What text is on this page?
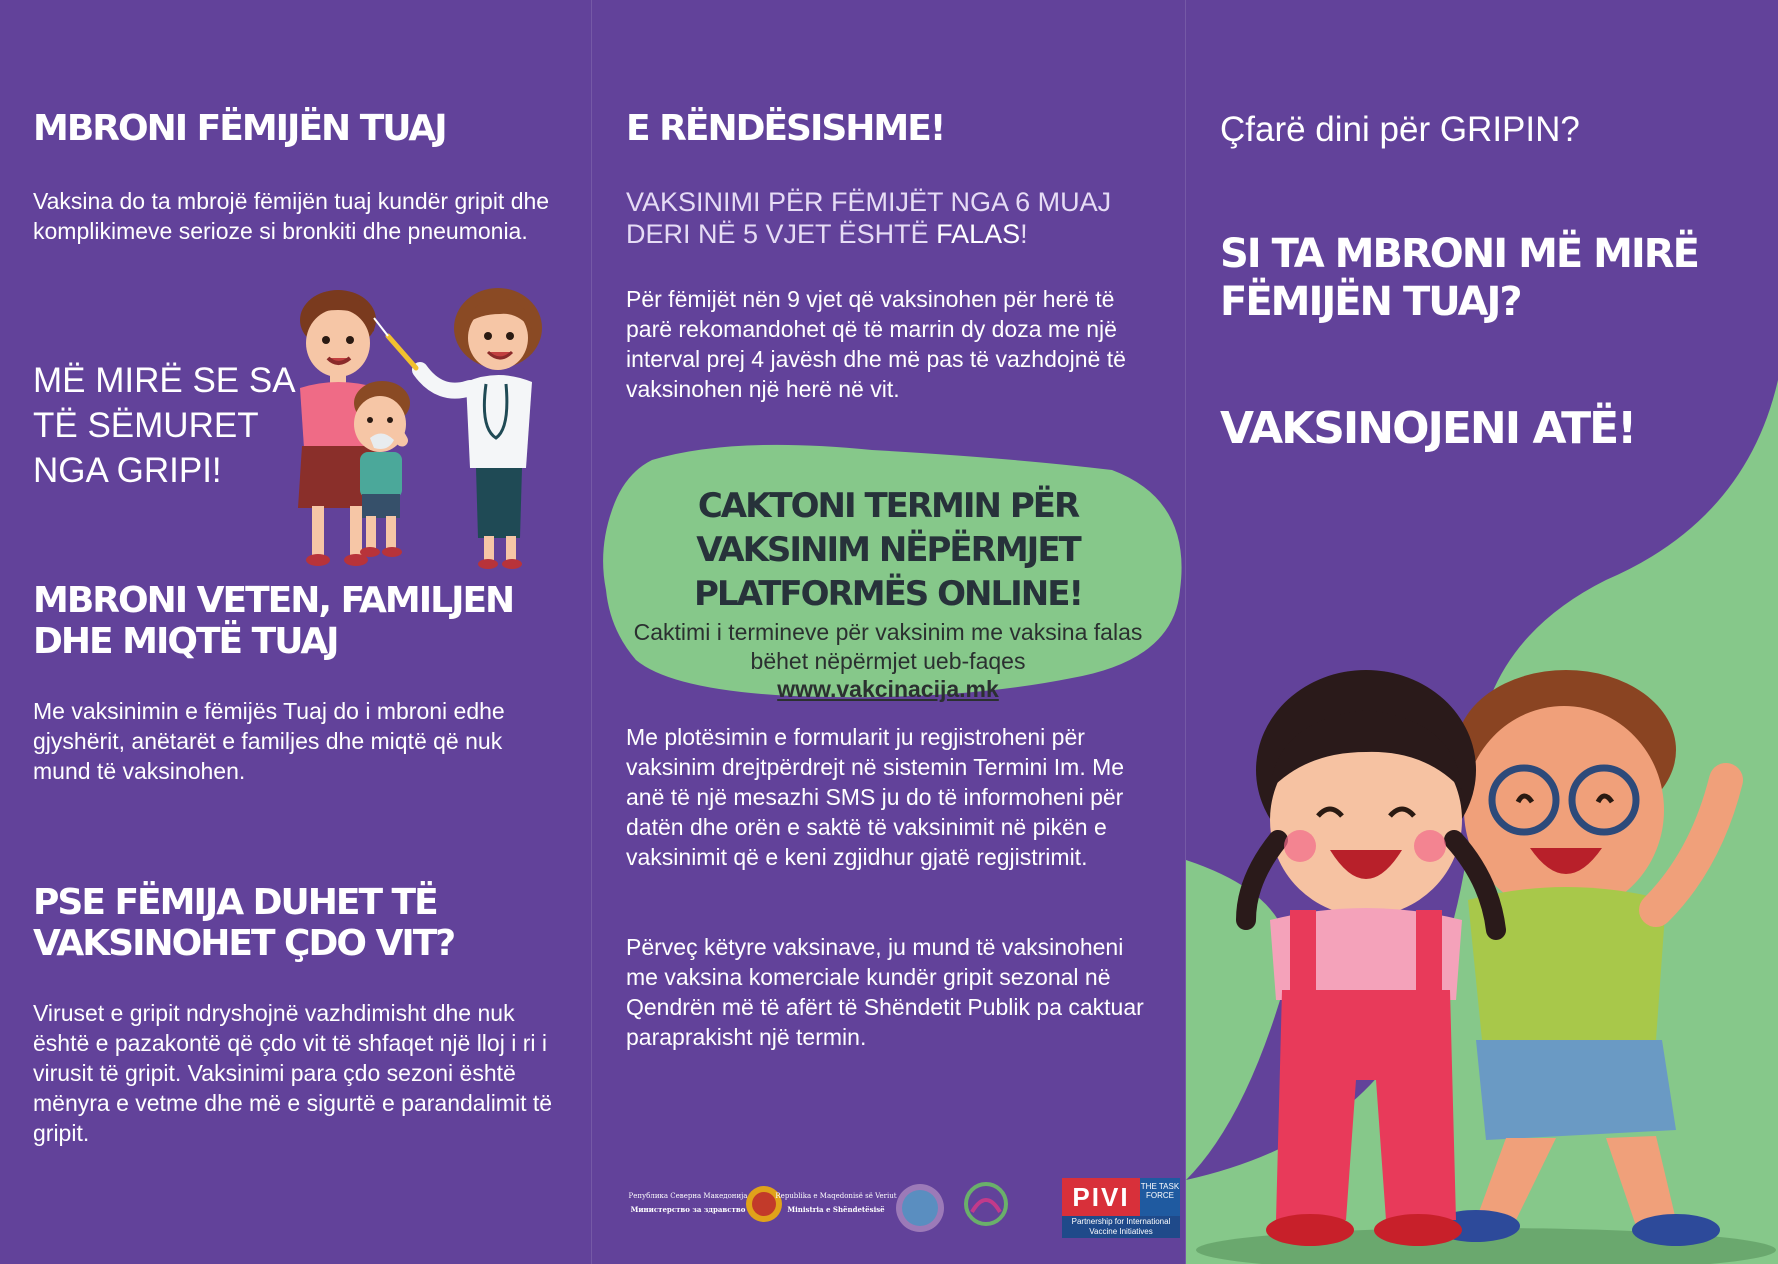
MBRONI FËMIJËN TUAJ

Vaksina do ta mbrojë fëmijën tuaj kundër gripit dhe komplikimeve serioze si bronkiti dhe pneumonia.

MË MIRË SE SA TË SËMURET NGA GRIPI!

MBRONI VETEN, FAMILJEN DHE MIQTË TUAJ

Me vaksinimin e fëmijës Tuaj do i mbroni edhe gjyshërit, anëtarët e familjes dhe miqtë që nuk mund të vaksinohen.

PSE FËMIJA DUHET TË VAKSINOHET ÇDO VIT?

Viruset e gripit ndryshojnë vazhdimisht dhe nuk është e pazakontë që çdo vit të shfaqet një lloj i ri i virusit të gripit. Vaksinimi para çdo sezoni është mënyra e vetme dhe më e sigurtë e parandalimit të gripit.

E RËNDËSISHME!

VAKSINIMI PËR FËMIJËT NGA 6 MUAJ DERI NË 5 VJET ËSHTË FALAS!

Për fëmijët nën 9 vjet që vaksinohen për herë të parë rekomandohet që të marrin dy doza me një interval prej 4 javësh dhe më pas të vazhdojnë të vaksinohen një herë në vit.

CAKTONI TERMIN PËR VAKSINIM NËPËRMJET PLATFORMËS ONLINE!
Caktimi i termineve për vaksinim me vaksina falas bëhet nëpërmjet ueb-faqes
www.vakcinacija.mk

Me plotësimin e formularit ju regjistroheni për vaksinim drejtpërdrejt në sistemin Termini Im. Me anë të një mesazhi SMS ju do të informoheni për datën dhe orën e saktë të vaksinimit në pikën e vaksinimit që e keni zgjidhur gjatë regjistrimit.

Përveç këtyre vaksinave, ju mund të vaksinoheni me vaksina komerciale kundër gripit sezonal në Qendrën më të afërt të Shëndetit Publik pa caktuar paraprakisht një termin.

Република Северна Македонија
Министерство за здравство
Republika e Maqedonisë së Veriut
Ministria e Shëndetësisë	PIVI	THE TASK FORCE
Partnership for International Vaccine Initiatives

Çfarë dini për GRIPIN?

SI TA MBRONI MË MIRË FËMIJËN TUAJ?
VAKSINOJENI ATË!
